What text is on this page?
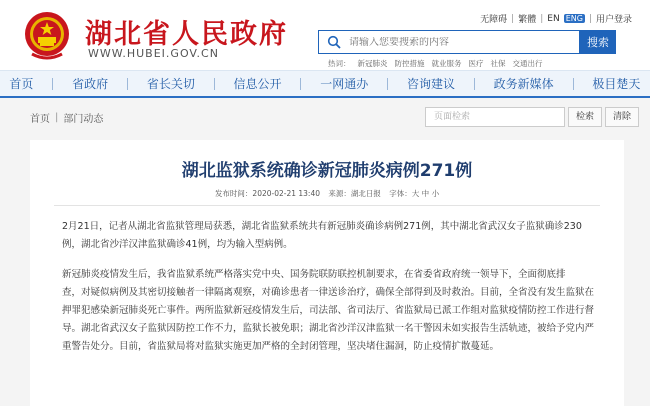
湖北省人民政府
WWW.HUBEI.GOV.CN
无障碍 | 繁體 | EN ENG | 用户登录
请输入您要搜索的内容
搜索
热词： 新冠肺炎 防控措施 就业服务 医疗 社保 交通出行
首页	省政府	省长关切	信息公开	一网通办	咨询建议	政务新媒体	极目楚天
首页 | 部门动态	页面检索	检索	清除
湖北监狱系统确诊新冠肺炎病例271例
发布时间：2020-02-21 13:40 来源：湖北日报 字体：大 中 小
2月21日，记者从湖北省监狱管理局获悉，湖北省监狱系统共有新冠肺炎确诊病例271例，其中湖北省武汉女子监狱确诊230
例，湖北省沙洋汉津监狱确诊41例，均为输入型病例。
新冠肺炎疫情发生后，我省监狱系统严格落实党中央、国务院联防联控机制要求，在省委省政府统一领导下，全面彻底排
查，对疑似病例及其密切接触者一律隔离观察，对确诊患者一律送诊治疗，确保全部得到及时救治。目前，全省没有发生监狱在
押罪犯感染新冠肺炎死亡事件。两所监狱新冠疫情发生后，司法部、省司法厅、省监狱局已派工作组对监狱疫情防控工作进行督
导。湖北省武汉女子监狱因防控工作不力，监狱长被免职；湖北省沙洋汉津监狱一名干警因未如实报告生活轨迹，被给予党内严
重警告处分。目前，省监狱局将对监狱实施更加严格的全封闭管理，坚决堵住漏洞，防止疫情扩散蔓延。
